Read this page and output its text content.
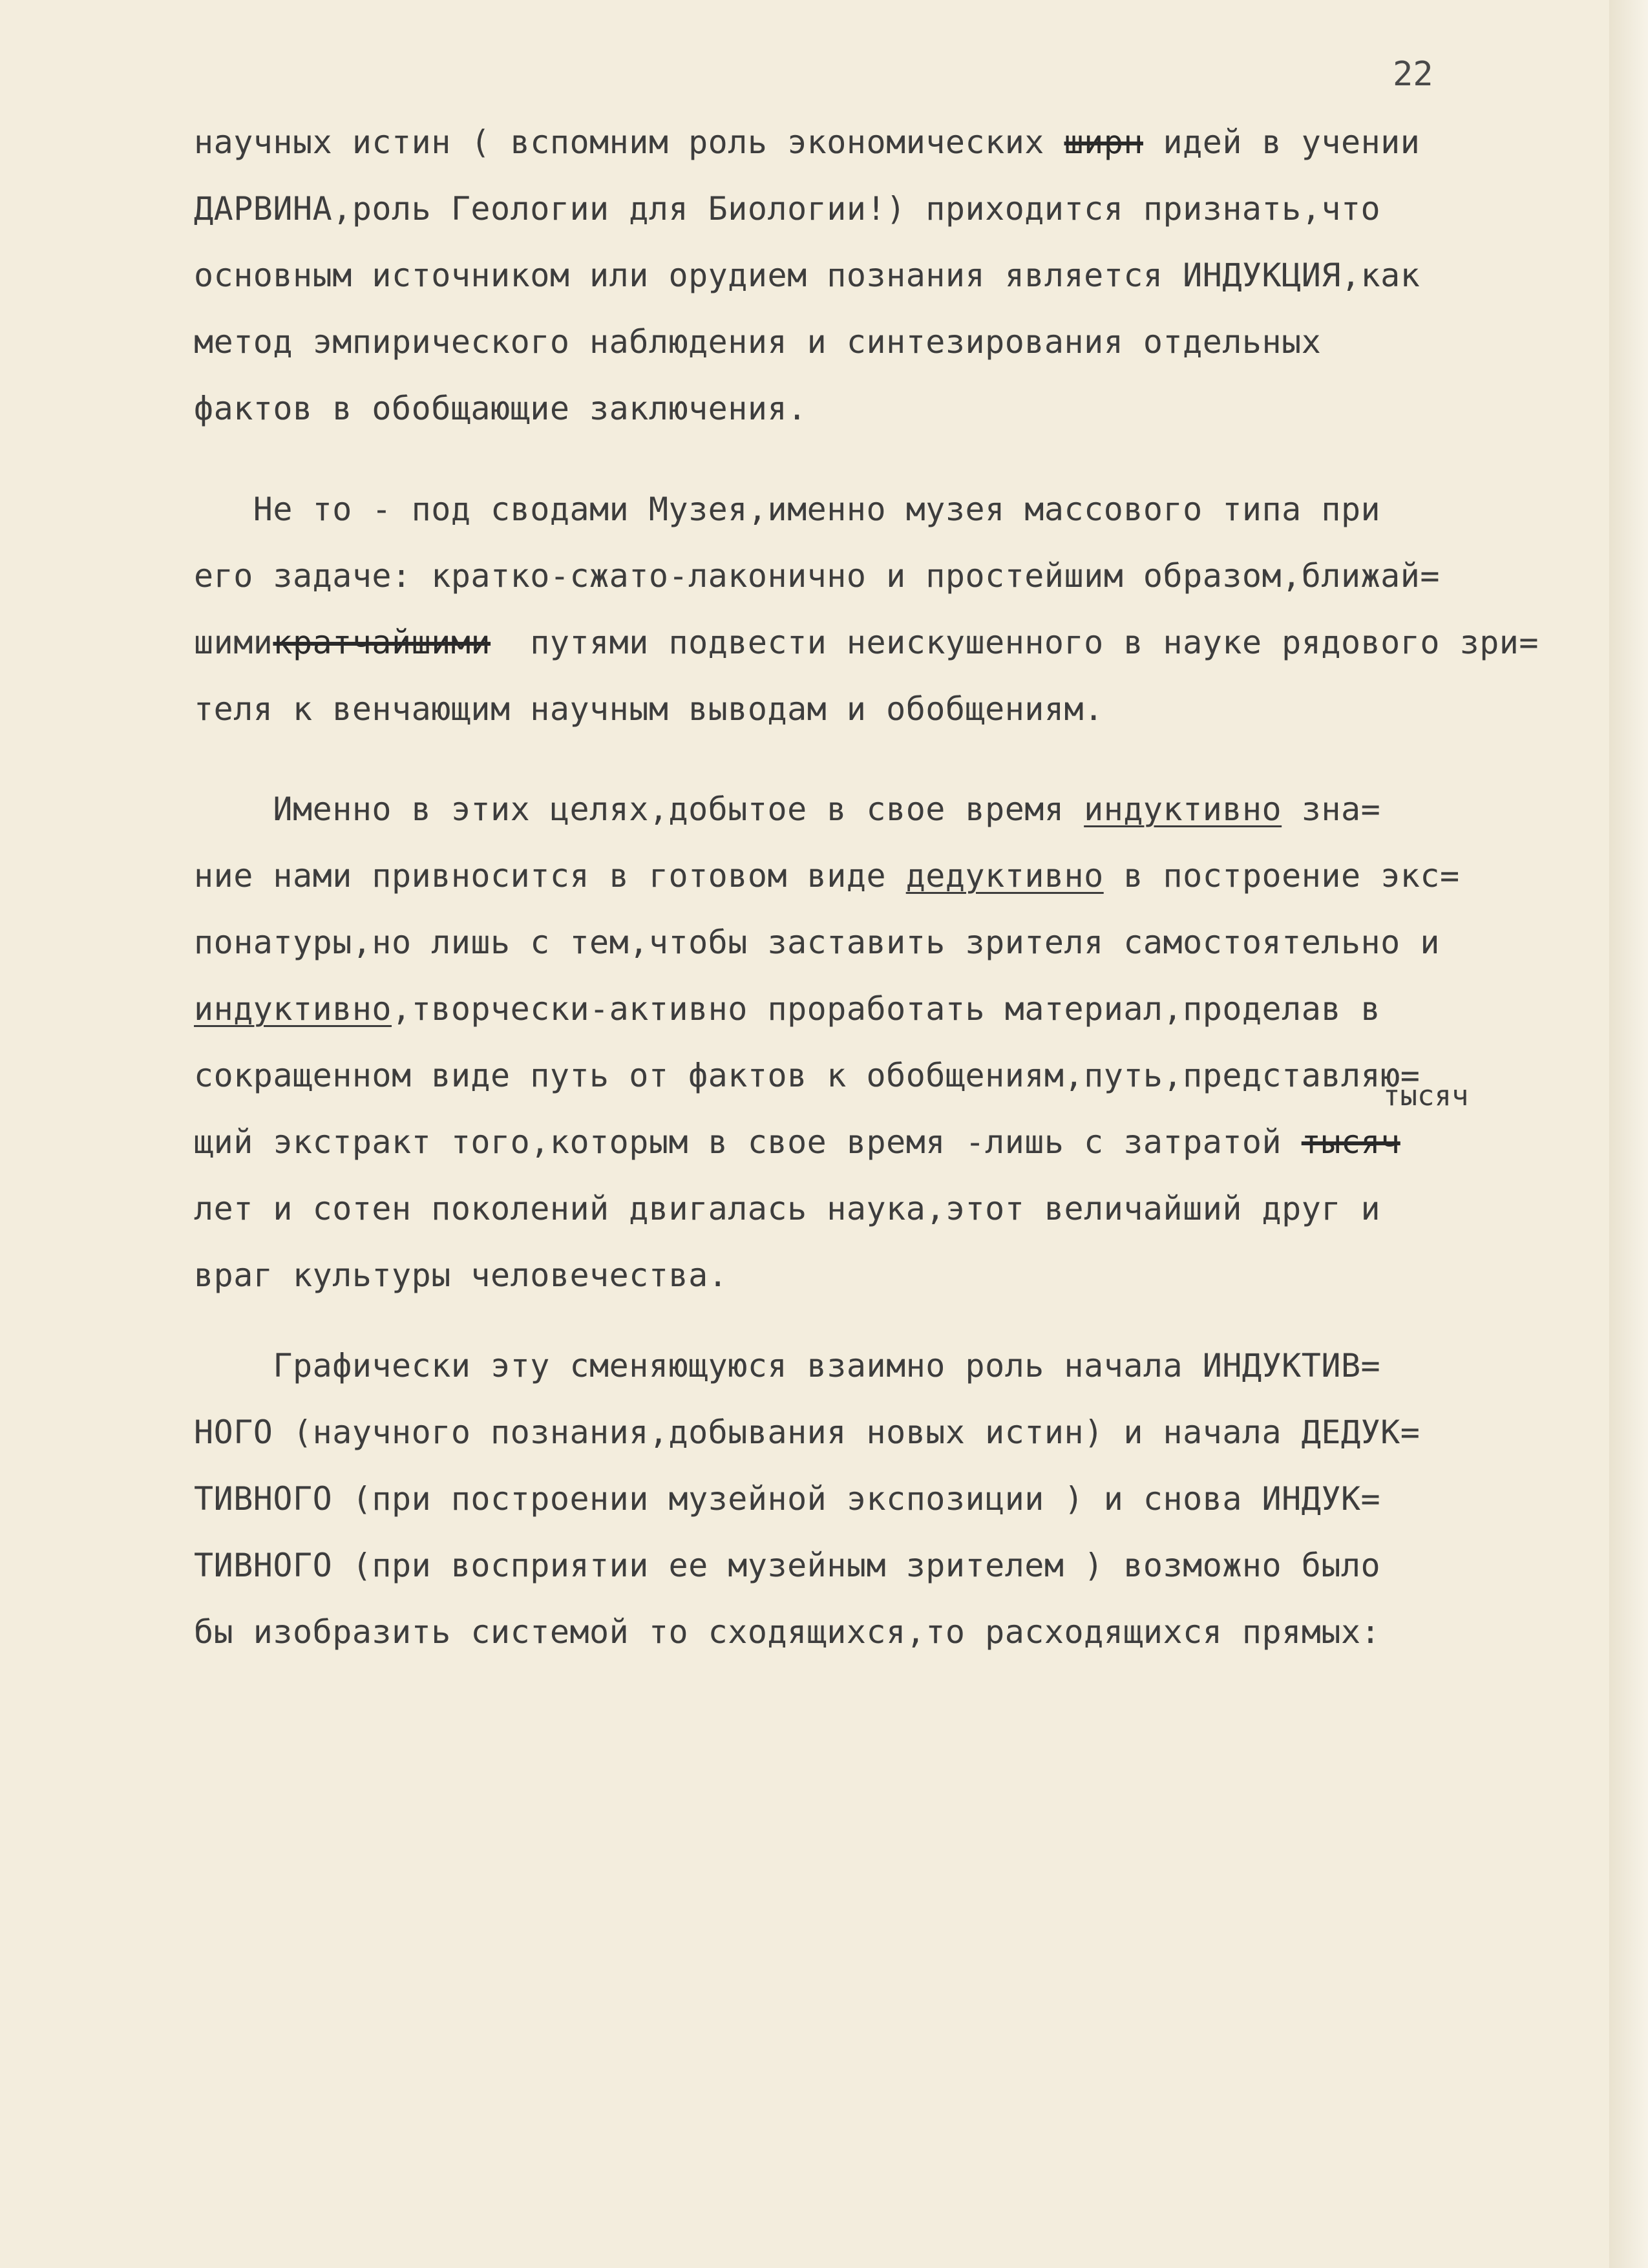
22
научных истин ( вспомним роль экономических ширн идей в учении
ДАРВИНА,роль Геологии для Биологии!) приходится признать,что
основным источником или орудием познания является ИНДУКЦИЯ,как
метод эмпирического наблюдения и синтезирования отдельных
фактов в обобщающие заключения.
Не то - под сводами Музея,именно музея массового типа при
его задаче: кратко-сжато-лаконично и простейшим образом,ближай=
шимикратчайшими  путями подвести неискушенного в науке рядового зри=
теля к венчающим научным выводам и обобщениям.
Именно в этих целях,добытое в свое время индуктивно зна=
ние нами привносится в готовом виде дедуктивно в построение экс=
понатуры,но лишь с тем,чтобы заставить зрителя самостоятельно и
индуктивно,творчески-активно проработать материал,проделав в
сокращенном виде путь от фактов к обобщениям,путь,представляю=
тысяч
щий экстракт того,которым в свое время -лишь с затратой тысяч
лет и сотен поколений двигалась наука,этот величайший друг и
враг культуры человечества.
Графически эту сменяющуюся взаимно роль начала ИНДУКТИВ=
НОГО (научного познания,добывания новых истин) и начала ДЕДУК=
ТИВНОГО (при построении музейной экспозиции ) и снова ИНДУК=
ТИВНОГО (при восприятии ее музейным зрителем ) возможно было
бы изобразить системой то сходящихся,то расходящихся прямых:
